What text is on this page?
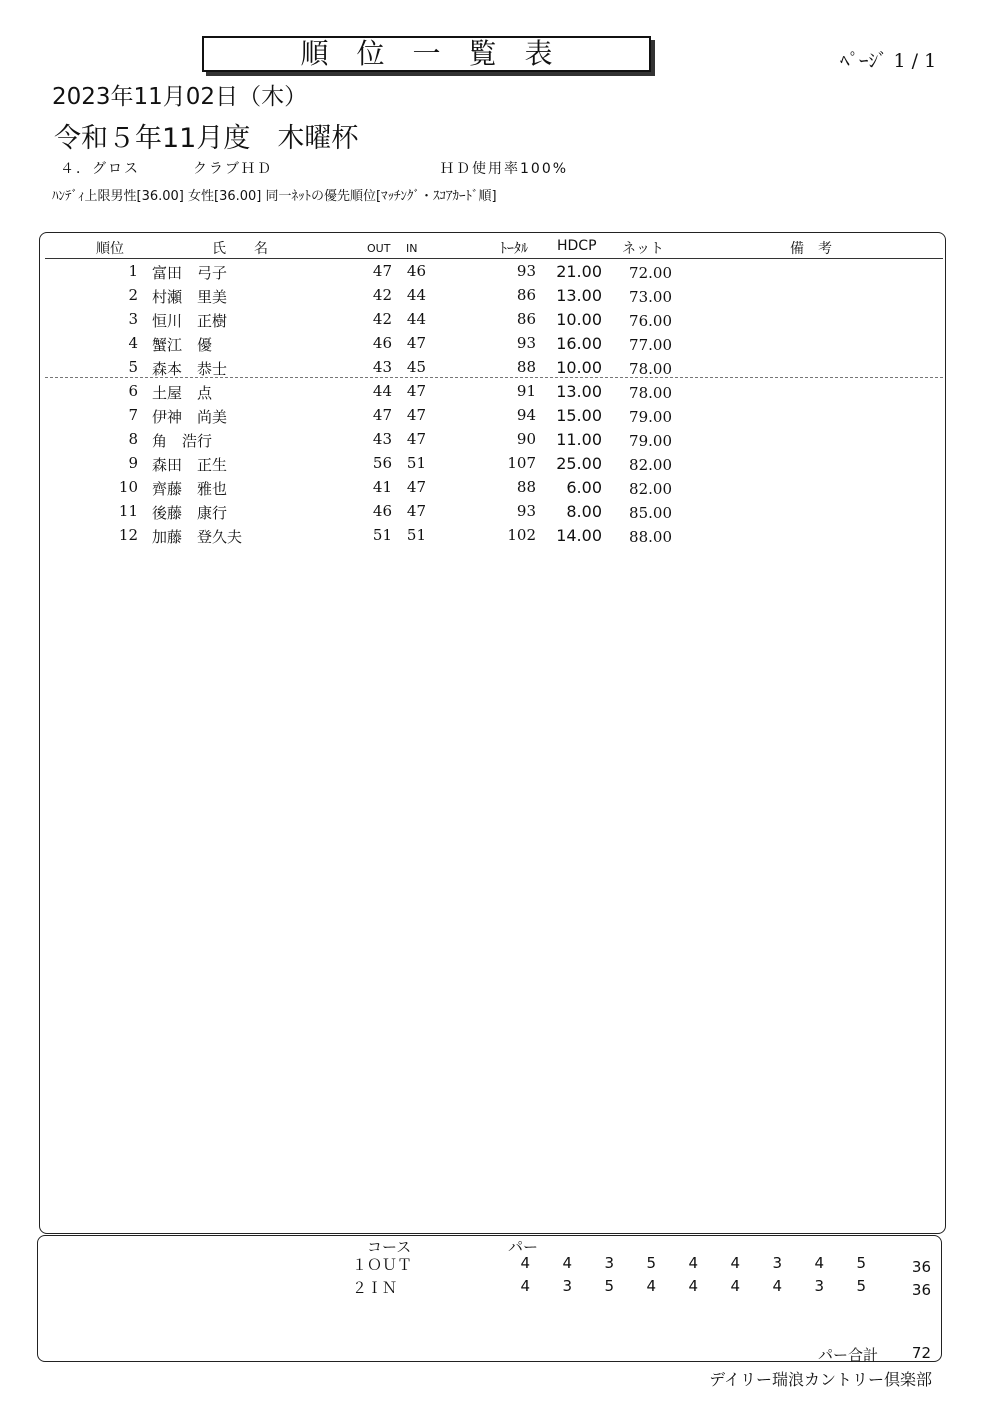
順位一覧表	ﾍﾟｰｼﾞ 1 / 1
2023年11月02日（木）
令和５年11月度　木曜杯
４．グロス	クラブＨＤ	ＨＤ使用率100%
ﾊﾝﾃﾞｨ上限男性[36.00] 女性[36.00] 同一ﾈｯﾄの優先順位[ﾏｯﾁﾝｸﾞ・ｽｺｱｶｰﾄﾞ順]
順位	氏　　名	OUT IN	ﾄｰﾀﾙ HDCP ネット	備　考
1 富田　弓子	47 46	93	21.00	72.00
2 村瀬　里美	42 44	86	13.00	73.00
3 恒川　正樹	42 44	86	10.00	76.00
4 蟹江　優	46 47	93	16.00	77.00
5 森本　恭士	43 45	88	10.00	78.00
6 土屋　点	44 47	91	13.00	78.00
7 伊神　尚美	47 47	94	15.00	79.00
8 角　浩行	43 47	90	11.00	79.00
9 森田　正生	56 51	107	25.00	82.00
10 齊藤　雅也	41 47	88	6.00	82.00
11 後藤　康行	46 47	93	8.00	85.00
12 加藤　登久夫	51 51	102	14.00	88.00
コース	パー
１ＯＵＴ	4	4	3	5	4	4	3	4	5	36
２ＩＮ	4	3	5	4	4	4	4	3	5	36
パー合計	72
デイリー瑞浪カントリー倶楽部
